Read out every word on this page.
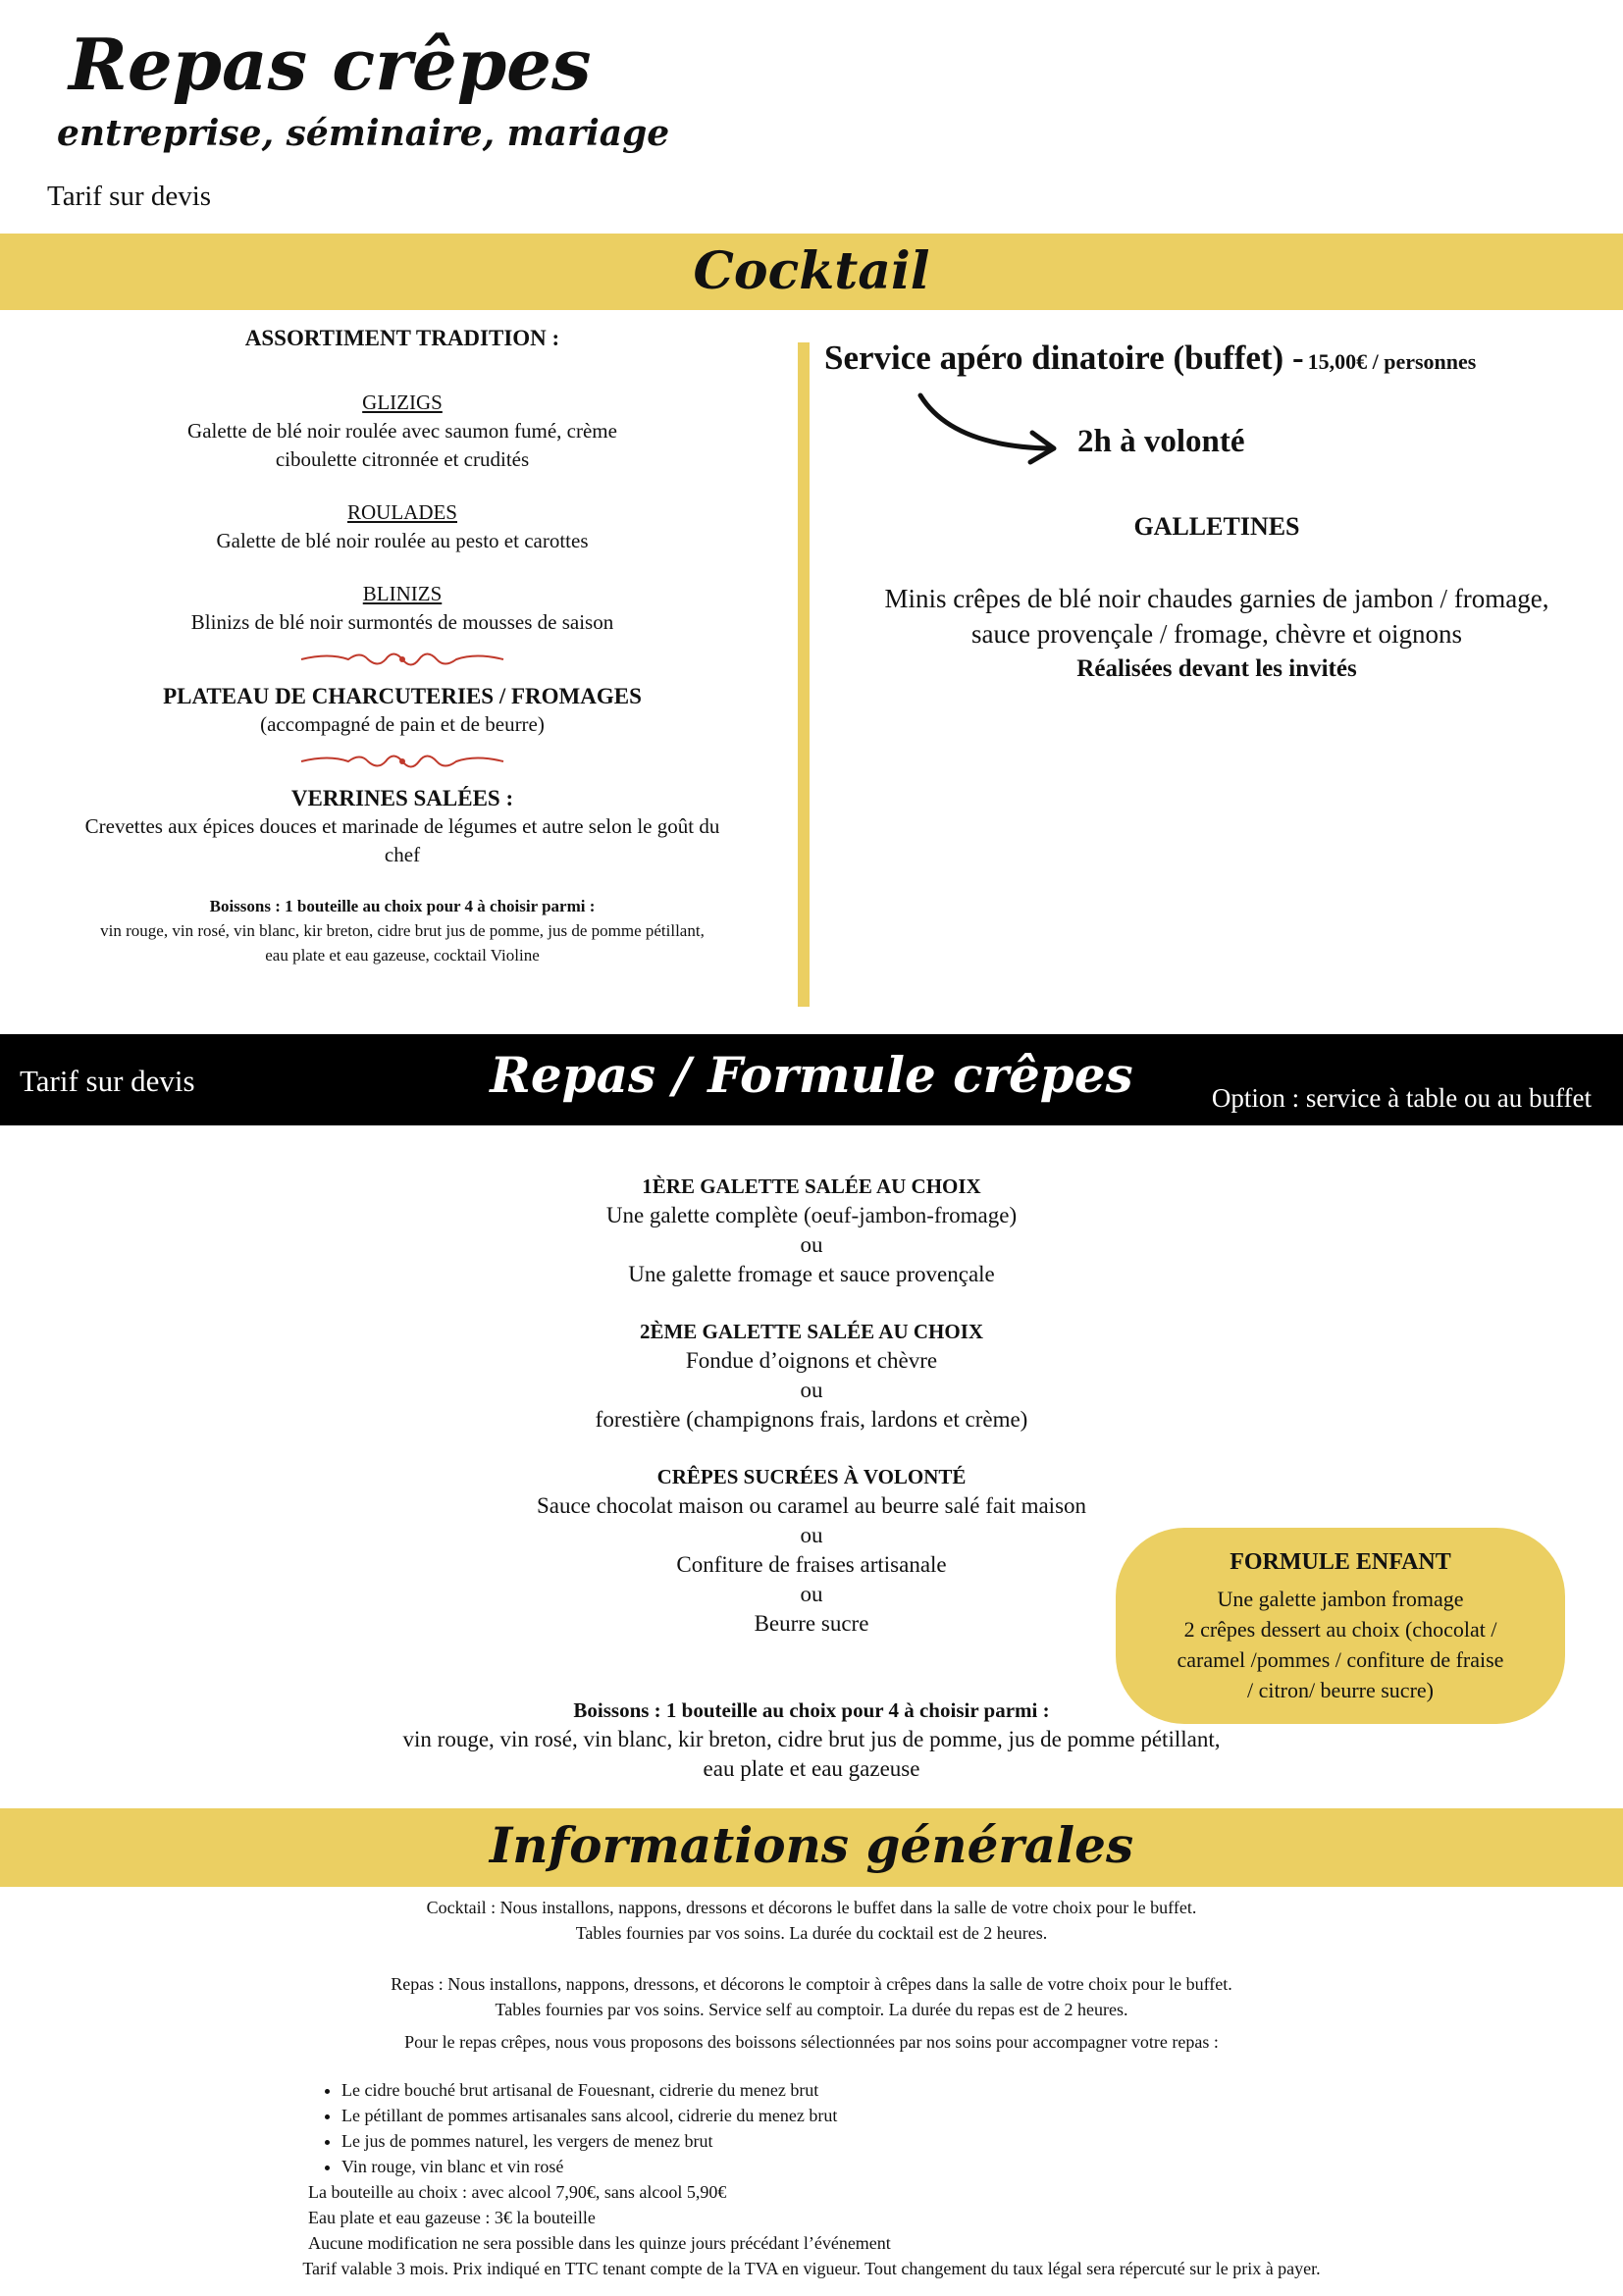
Repas crêpes
entreprise, séminaire, mariage
Tarif sur devis
Cocktail
ASSORTIMENT TRADITION :
GLIZIGS
Galette de blé noir roulée avec saumon fumé, crème
ciboulette citronnée et crudités
ROULADES
Galette de blé noir roulée au pesto et carottes
BLINIZS
Blinizs de blé noir surmontés de mousses de saison
PLATEAU DE CHARCUTERIES / FROMAGES
(accompagné de pain et de beurre)
VERRINES SALÉES :
Crevettes aux épices douces et marinade de légumes et autre selon le goût du
chef
Boissons : 1 bouteille au choix pour 4 à choisir parmi :
vin rouge, vin rosé, vin blanc, kir breton, cidre brut jus de pomme, jus de pomme pétillant,
eau plate et eau gazeuse, cocktail Violine
Service apéro dinatoire (buffet) - 15,00€ / personnes
2h à volonté
GALLETINES
Minis crêpes de blé noir chaudes garnies de jambon / fromage,
sauce provençale / fromage, chèvre et oignons
Réalisées devant les invités
Tarif sur devis	Repas / Formule crêpes	Option : service à table ou au buffet
1ÈRE GALETTE SALÉE AU CHOIX
Une galette complète (oeuf-jambon-fromage)
ou
Une galette fromage et sauce provençale
2ÈME GALETTE SALÉE AU CHOIX
Fondue d’oignons et chèvre
ou
forestière (champignons frais, lardons et crème)
CRÊPES SUCRÉES À VOLONTÉ
Sauce chocolat maison ou caramel au beurre salé fait maison
ou
Confiture de fraises artisanale
ou
Beurre sucre
Boissons : 1 bouteille au choix pour 4 à choisir parmi :
vin rouge, vin rosé, vin blanc, kir breton, cidre brut jus de pomme, jus de pomme pétillant,
eau plate et eau gazeuse
FORMULE ENFANT
Une galette jambon fromage
2 crêpes dessert au choix (chocolat /
caramel /pommes / confiture de fraise
/ citron/ beurre sucre)
Informations générales
Cocktail : Nous installons, nappons, dressons et décorons le buffet dans la salle de votre choix pour le buffet.
Tables fournies par vos soins. La durée du cocktail est de 2 heures.
Repas : Nous installons, nappons, dressons, et décorons le comptoir à crêpes dans la salle de votre choix pour le buffet.
Tables fournies par vos soins. Service self au comptoir. La durée du repas est de 2 heures.
Pour le repas crêpes, nous vous proposons des boissons sélectionnées par nos soins pour accompagner votre repas :
• Le cidre bouché brut artisanal de Fouesnant, cidrerie du menez brut
• Le pétillant de pommes artisanales sans alcool, cidrerie du menez brut
• Le jus de pommes naturel, les vergers de menez brut
• Vin rouge, vin blanc et vin rosé
La bouteille au choix : avec alcool 7,90€, sans alcool 5,90€
Eau plate et eau gazeuse : 3€ la bouteille
Aucune modification ne sera possible dans les quinze jours précédant l’événement
Tarif valable 3 mois. Prix indiqué en TTC tenant compte de la TVA en vigueur. Tout changement du taux légal sera répercuté sur le prix à payer.
